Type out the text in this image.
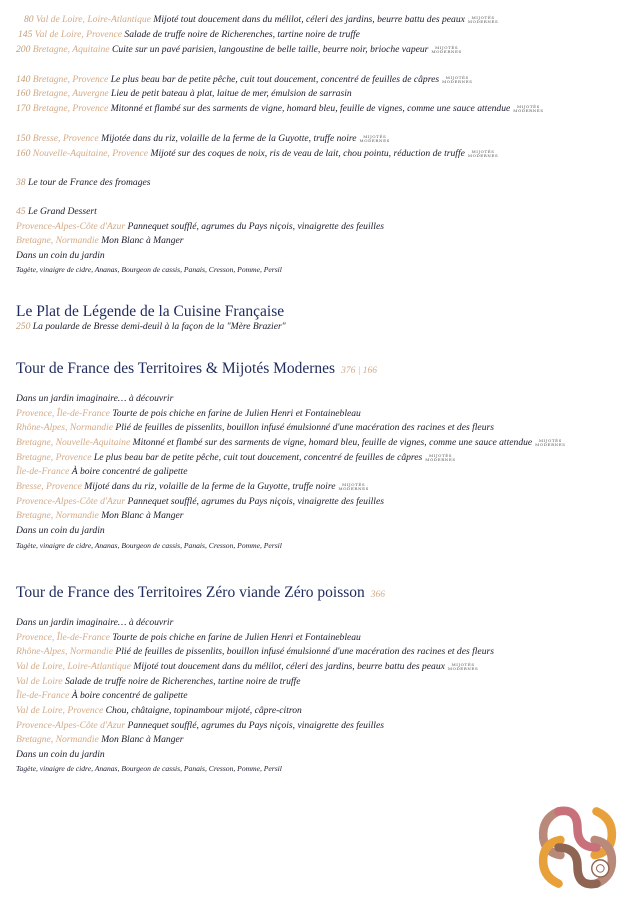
80 Val de Loire, Loire-Atlantique Mijoté tout doucement dans du mélilot, céleri des jardins, beurre battu des peaux	MIJOTÉS
MODERNES
145 Val de Loire, Provence Salade de truffe noire de Richerenches, tartine noire de truffe
200 Bretagne, Aquitaine Cuite sur un pavé parisien, langoustine de belle taille, beurre noir, brioche vapeur	MIJOTÉS
MODERNES
140 Bretagne, Provence Le plus beau bar de petite pêche, cuit tout doucement, concentré de feuilles de câpres	MIJOTÉS
MODERNES
160 Bretagne, Auvergne Lieu de petit bateau à plat, laitue de mer, émulsion de sarrasin
170 Bretagne, Provence Mitonné et flambé sur des sarments de vigne, homard bleu, feuille de vignes, comme une sauce attendue	MIJOTÉS
MODERNES
150 Bresse, Provence Mijotée dans du riz, volaille de la ferme de la Guyotte, truffe noire	MIJOTÉS
MODERNES
160 Nouvelle-Aquitaine, Provence Mijoté sur des coques de noix, ris de veau de lait, chou pointu, réduction de truffe	MIJOTÉS
MODERNES
38 Le tour de France des fromages
45 Le Grand Dessert
Provence-Alpes-Côte d'Azur Pannequet soufflé, agrumes du Pays niçois, vinaigrette des feuilles
Bretagne, Normandie Mon Blanc à Manger
Dans un coin du jardin
Tagète, vinaigre de cidre, Ananas, Bourgeon de cassis, Panais, Cresson, Pomme, Persil
Le Plat de Légende de la Cuisine Française
250 La poularde de Bresse demi-deuil à la façon de la "Mère Brazier"
Tour de France des Territoires & Mijotés Modernes 376 | 166
Dans un jardin imaginaire… à découvrir
Provence, Île-de-France Tourte de pois chiche en farine de Julien Henri et Fontainebleau
Rhône-Alpes, Normandie Plié de feuilles de pissenlits, bouillon infusé émulsionné d'une macération des racines et des fleurs
Bretagne, Nouvelle-Aquitaine Mitonné et flambé sur des sarments de vigne, homard bleu, feuille de vignes, comme une sauce attendue	MIJOTÉS
MODERNES
Bretagne, Provence Le plus beau bar de petite pêche, cuit tout doucement, concentré de feuilles de câpres	MIJOTÉS
MODERNES
Île-de-France À boire concentré de galipette
Bresse, Provence Mijoté dans du riz, volaille de la ferme de la Guyotte, truffe noire	MIJOTÉS
MODERNES
Provence-Alpes-Côte d'Azur Pannequet soufflé, agrumes du Pays niçois, vinaigrette des feuilles
Bretagne, Normandie Mon Blanc à Manger
Dans un coin du jardin
Tagète, vinaigre de cidre, Ananas, Bourgeon de cassis, Panais, Cresson, Pomme, Persil
Tour de France des Territoires Zéro viande Zéro poisson 366
Dans un jardin imaginaire… à découvrir
Provence, Île-de-France Tourte de pois chiche en farine de Julien Henri et Fontainebleau
Rhône-Alpes, Normandie Plié de feuilles de pissenlits, bouillon infusé émulsionné d'une macération des racines et des fleurs
Val de Loire, Loire-Atlantique Mijoté tout doucement dans du mélilot, céleri des jardins, beurre battu des peaux	MIJOTÉS
MODERNES
Val de Loire Salade de truffe noire de Richerenches, tartine noire de truffe
Île-de-France À boire concentré de galipette
Val de Loire, Provence Chou, châtaigne, topinambour mijoté, câpre-citron
Provence-Alpes-Côte d'Azur Pannequet soufflé, agrumes du Pays niçois, vinaigrette des feuilles
Bretagne, Normandie Mon Blanc à Manger
Dans un coin du jardin
Tagète, vinaigre de cidre, Ananas, Bourgeon de cassis, Panais, Cresson, Pomme, Persil
